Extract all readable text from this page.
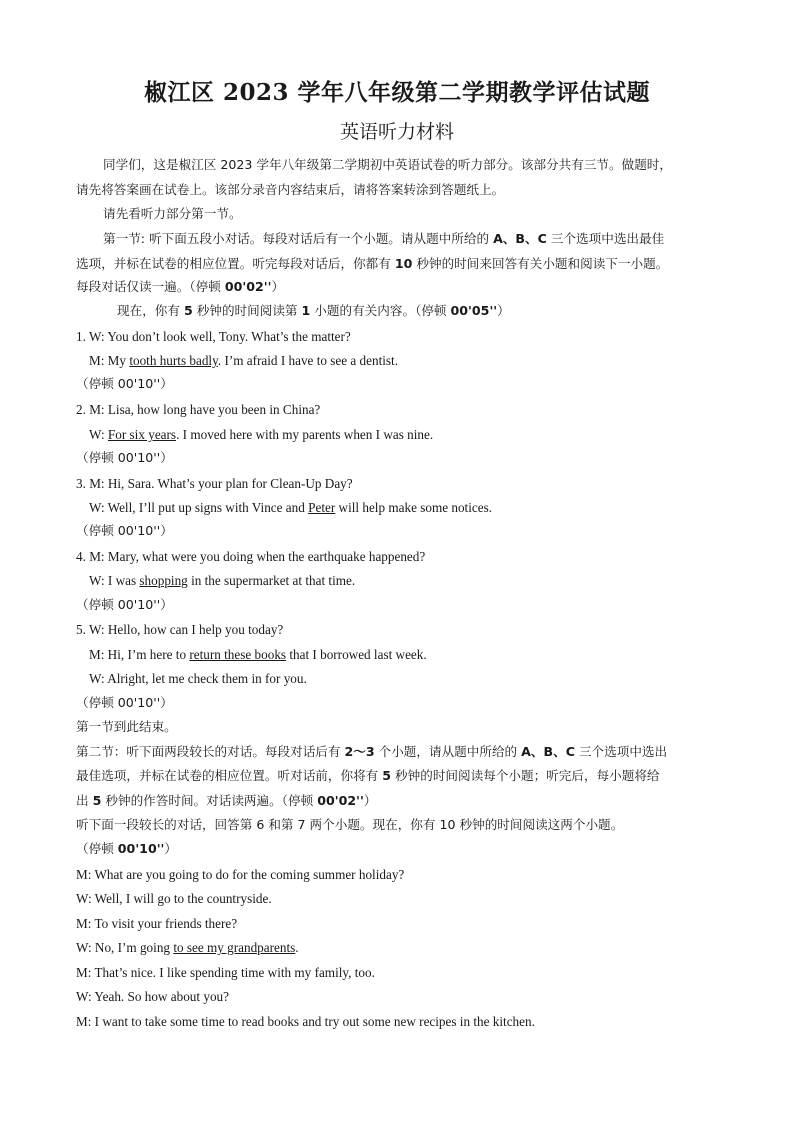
椒江区 2023 学年八年级第二学期教学评估试题
英语听力材料
同学们，这是椒江区 2023 学年八年级第二学期初中英语试卷的听力部分。该部分共有三节。做题时，
请先将答案画在试卷上。该部分录音内容结束后，请将答案转涂到答题纸上。
请先看听力部分第一节。
第一节: 听下面五段小对话。每段对话后有一个小题。请从题中所给的 A、B、C 三个选项中选出最佳
选项，并标在试卷的相应位置。听完每段对话后，你都有 10 秒钟的时间来回答有关小题和阅读下一小题。
每段对话仅读一遍。（停顿 00'02''）
现在，你有 5 秒钟的时间阅读第 1 小题的有关内容。（停顿 00'05''）
1. W: You don’t look well, Tony. What’s the matter?
M: My tooth hurts badly. I’m afraid I have to see a dentist.
（停顿 00'10''）
2. M: Lisa, how long have you been in China?
W: For six years. I moved here with my parents when I was nine.
（停顿 00'10''）
3. M: Hi, Sara. What’s your plan for Clean-Up Day?
W: Well, I’ll put up signs with Vince and Peter will help make some notices.
（停顿 00'10''）
4. M: Mary, what were you doing when the earthquake happened?
W: I was shopping in the supermarket at that time.
（停顿 00'10''）
5. W: Hello, how can I help you today?
M: Hi, I’m here to return these books that I borrowed last week.
W: Alright, let me check them in for you.
（停顿 00'10''）
第一节到此结束。
第二节：听下面两段较长的对话。每段对话后有 2～3 个小题，请从题中所给的 A、B、C 三个选项中选出
最佳选项，并标在试卷的相应位置。听对话前，你将有 5 秒钟的时间阅读每个小题；听完后，每小题将给
出 5 秒钟的作答时间。对话读两遍。（停顿 00'02''）
听下面一段较长的对话，回答第 6 和第 7 两个小题。现在，你有 10 秒钟的时间阅读这两个小题。
（停顿 00'10''）
M: What are you going to do for the coming summer holiday?
W: Well, I will go to the countryside.
M: To visit your friends there?
W: No, I’m going to see my grandparents.
M: That’s nice. I like spending time with my family, too.
W: Yeah. So how about you?
M: I want to take some time to read books and try out some new recipes in the kitchen.
